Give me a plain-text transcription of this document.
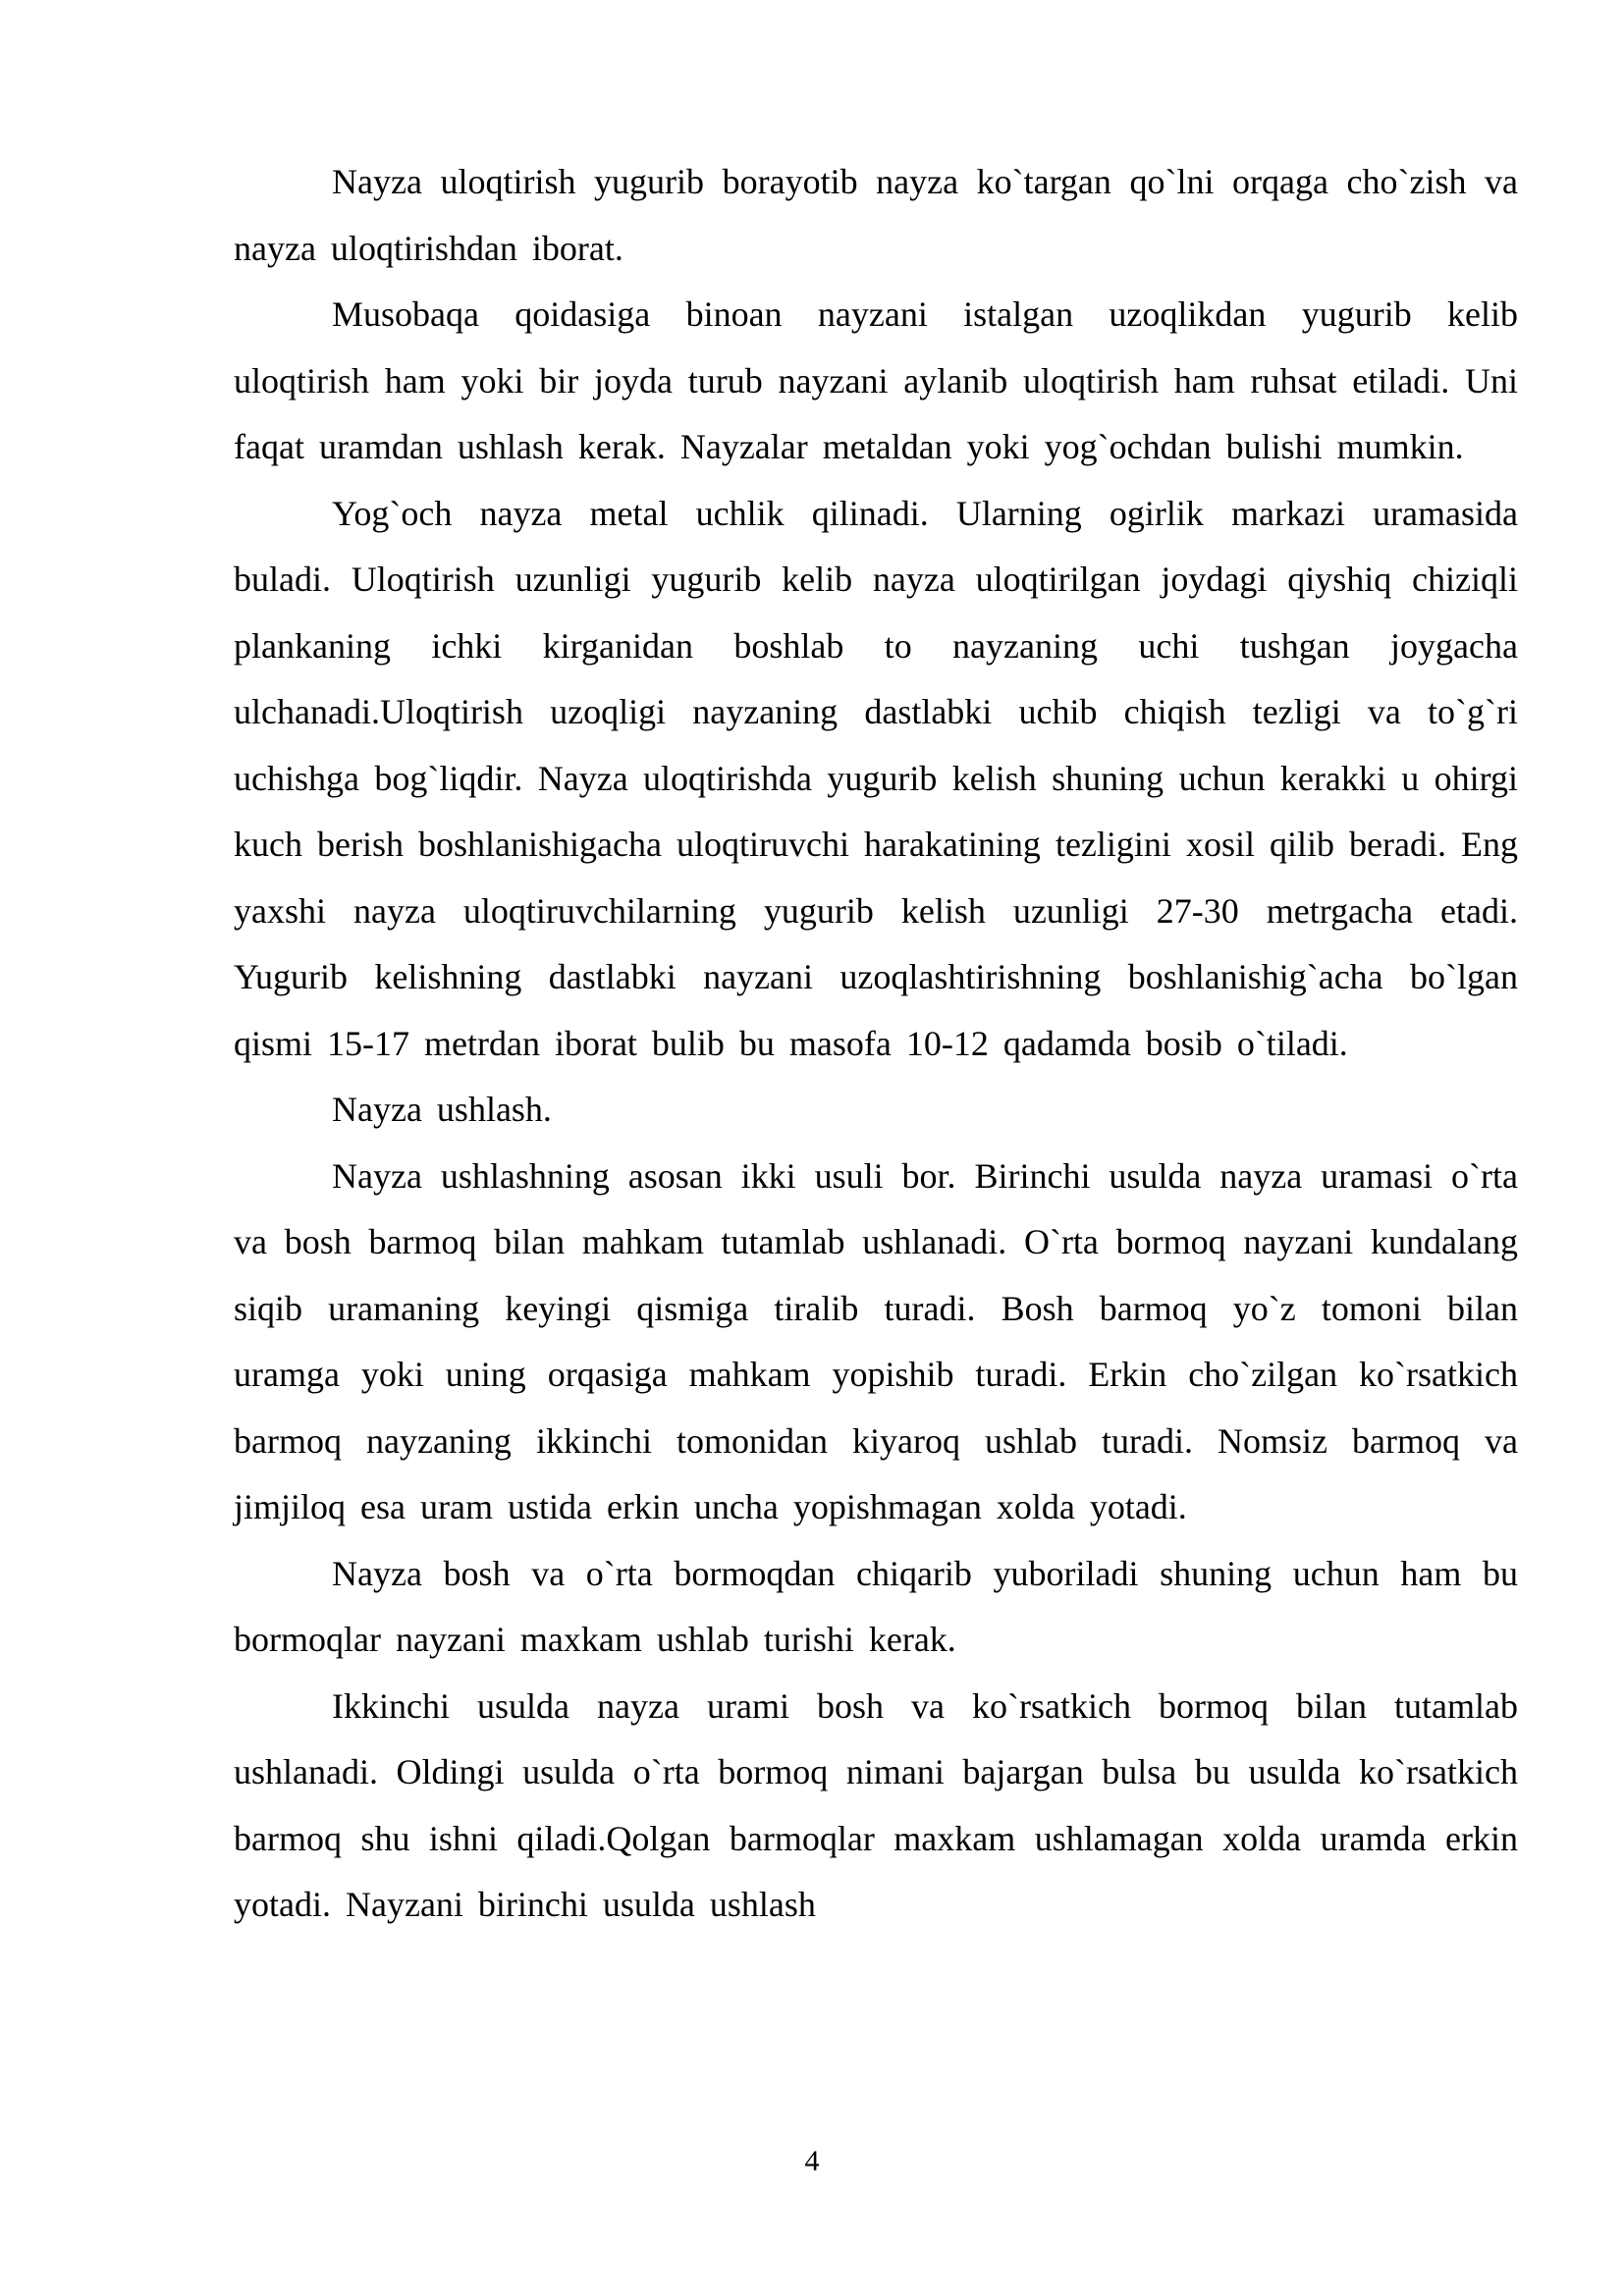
Nayza uloqtirish yugurib borayotib nayza ko`targan qo`lni orqaga cho`zish va nayza uloqtirishdan iborat.

Musobaqa qoidasiga binoan nayzani istalgan uzoqlikdan yugurib kelib uloqtirish ham yoki bir joyda turub nayzani aylanib uloqtirish ham ruhsat etiladi. Uni faqat uramdan ushlash kerak. Nayzalar metaldan yoki yog`ochdan bulishi mumkin.

Yog`och nayza metal uchlik qilinadi. Ularning ogirlik markazi uramasida buladi. Uloqtirish uzunligi yugurib kelib nayza uloqtirilgan joydagi qiyshiq chiziqli plankaning ichki kirganidan boshlab to nayzaning uchi tushgan joygacha ulchanadi.Uloqtirish uzoqligi nayzaning dastlabki uchib chiqish tezligi va to`g`ri uchishga bog`liqdir. Nayza uloqtirishda yugurib kelish shuning uchun kerakki u ohirgi kuch berish boshlanishigacha uloqtiruvchi harakatining tezligini xosil qilib beradi. Eng yaxshi nayza uloqtiruvchilarning yugurib kelish uzunligi 27-30 metrgacha etadi. Yugurib kelishning dastlabki nayzani uzoqlashtirishning boshlanishig`acha bo`lgan qismi 15-17 metrdan iborat bulib bu masofa 10-12 qadamda bosib o`tiladi.

Nayza ushlash.

Nayza ushlashning asosan ikki usuli bor. Birinchi usulda nayza uramasi o`rta va bosh barmoq bilan mahkam tutamlab ushlanadi. O`rta bormoq nayzani kundalang siqib uramaning keyingi qismiga tiralib turadi. Bosh barmoq yo`z tomoni bilan uramga yoki uning orqasiga mahkam yopishib turadi. Erkin cho`zilgan ko`rsatkich barmoq nayzaning ikkinchi tomonidan kiyaroq ushlab turadi. Nomsiz barmoq va jimjiloq esa uram ustida erkin uncha yopishmagan xolda yotadi.

Nayza bosh va o`rta bormoqdan chiqarib yuboriladi shuning uchun ham bu bormoqlar nayzani maxkam ushlab turishi kerak.

Ikkinchi usulda nayza urami bosh va ko`rsatkich bormoq bilan tutamlab ushlanadi. Oldingi usulda o`rta bormoq nimani bajargan bulsa bu usulda ko`rsatkich barmoq shu ishni qiladi.Qolgan barmoqlar maxkam ushlamagan xolda uramda erkin yotadi. Nayzani birinchi usulda ushlash

4
